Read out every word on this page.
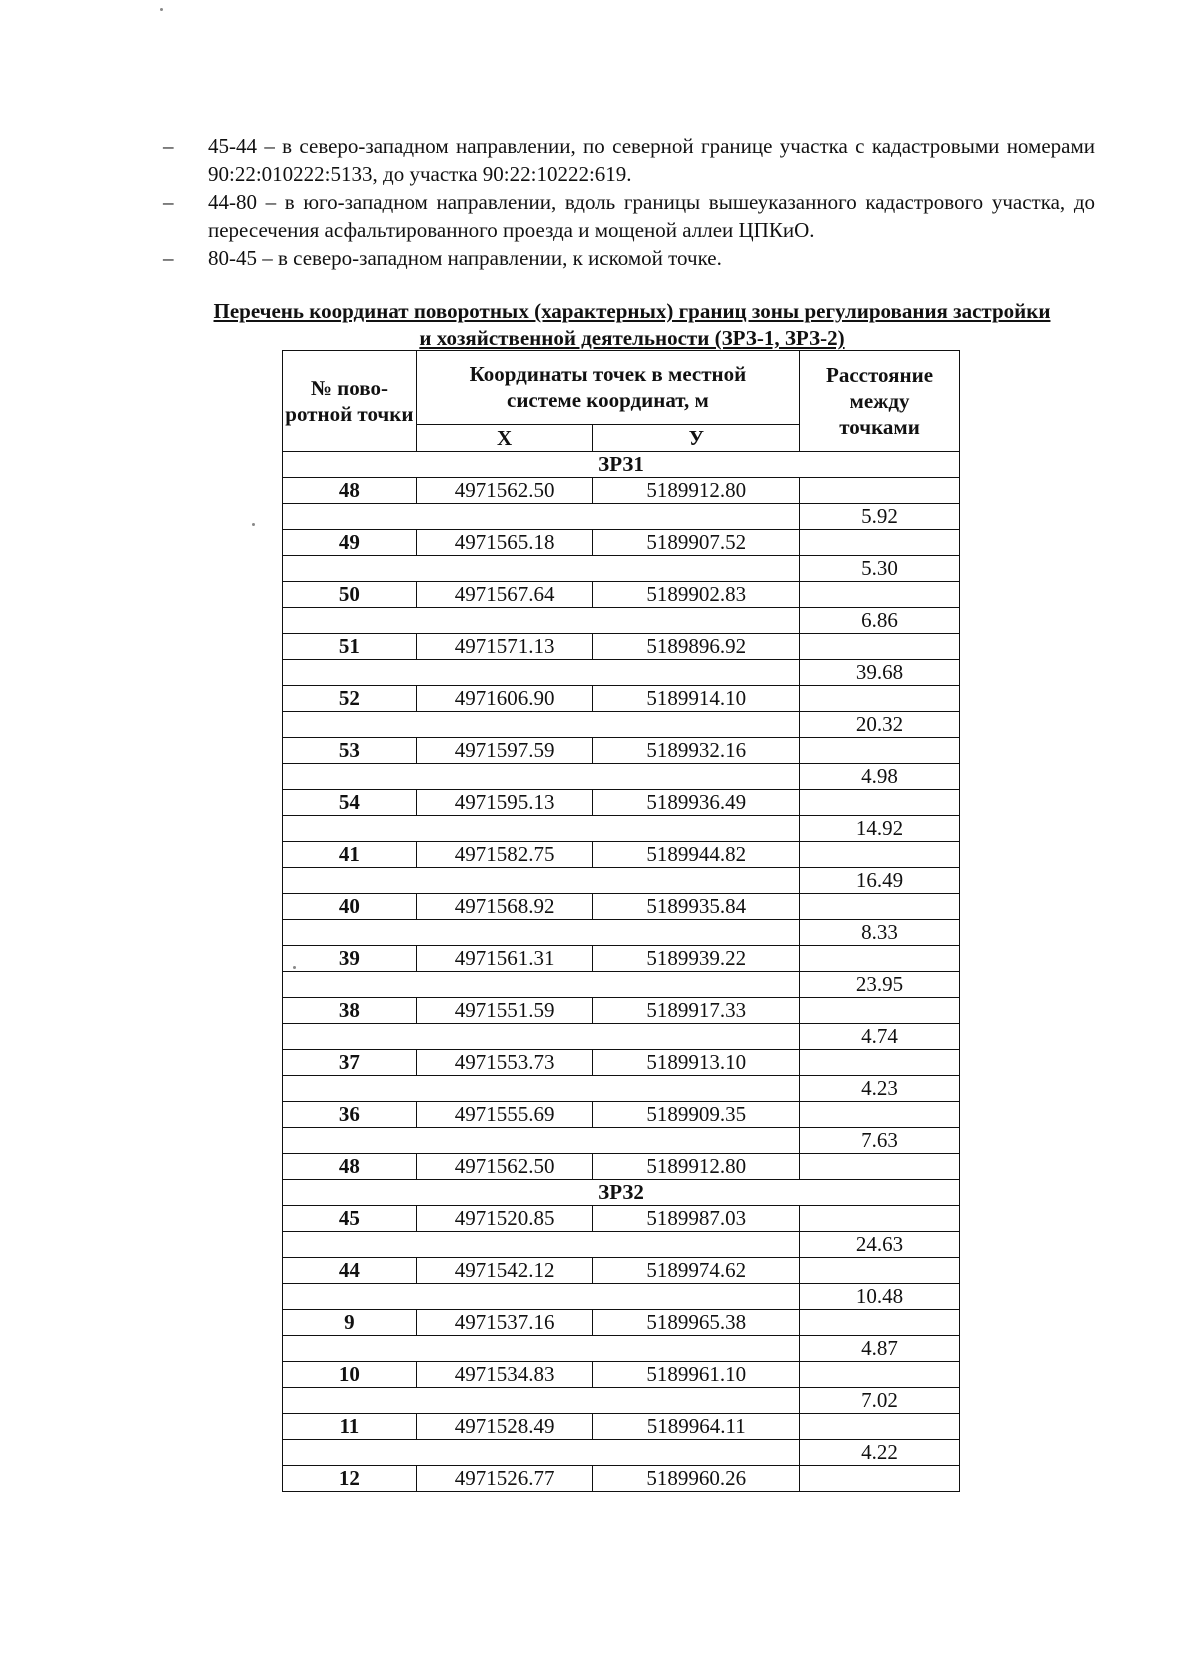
– 45-44 – в северо-западном направлении, по северной границе участка с кадастровыми номерами 90:22:010222:5133, до участка 90:22:10222:619.
– 44-80 – в юго-западном направлении, вдоль границы вышеуказанного кадастрового участка, до пересечения асфальтированного проезда и мощеной аллеи ЦПКиО.
– 80-45 – в северо-западном направлении, к искомой точке.
Перечень координат поворотных (характерных) границ зоны регулирования застройки
и хозяйственной деятельности (ЗРЗ-1, ЗРЗ-2)
№ пово-ротной точки	Координаты точек в местной системе координат, м		Расстояние между точками
	X	У	
ЗРЗ1			
48	4971562.50	5189912.80	
			5.92
49	4971565.18	5189907.52	
			5.30
50	4971567.64	5189902.83	
			6.86
51	4971571.13	5189896.92	
			39.68
52	4971606.90	5189914.10	
			20.32
53	4971597.59	5189932.16	
			4.98
54	4971595.13	5189936.49	
			14.92
41	4971582.75	5189944.82	
			16.49
40	4971568.92	5189935.84	
			8.33
39	4971561.31	5189939.22	
			23.95
38	4971551.59	5189917.33	
			4.74
37	4971553.73	5189913.10	
			4.23
36	4971555.69	5189909.35	
			7.63
48	4971562.50	5189912.80	
ЗРЗ2			
45	4971520.85	5189987.03	
			24.63
44	4971542.12	5189974.62	
			10.48
9	4971537.16	5189965.38	
			4.87
10	4971534.83	5189961.10	
			7.02
11	4971528.49	5189964.11	
			4.22
12	4971526.77	5189960.26	
